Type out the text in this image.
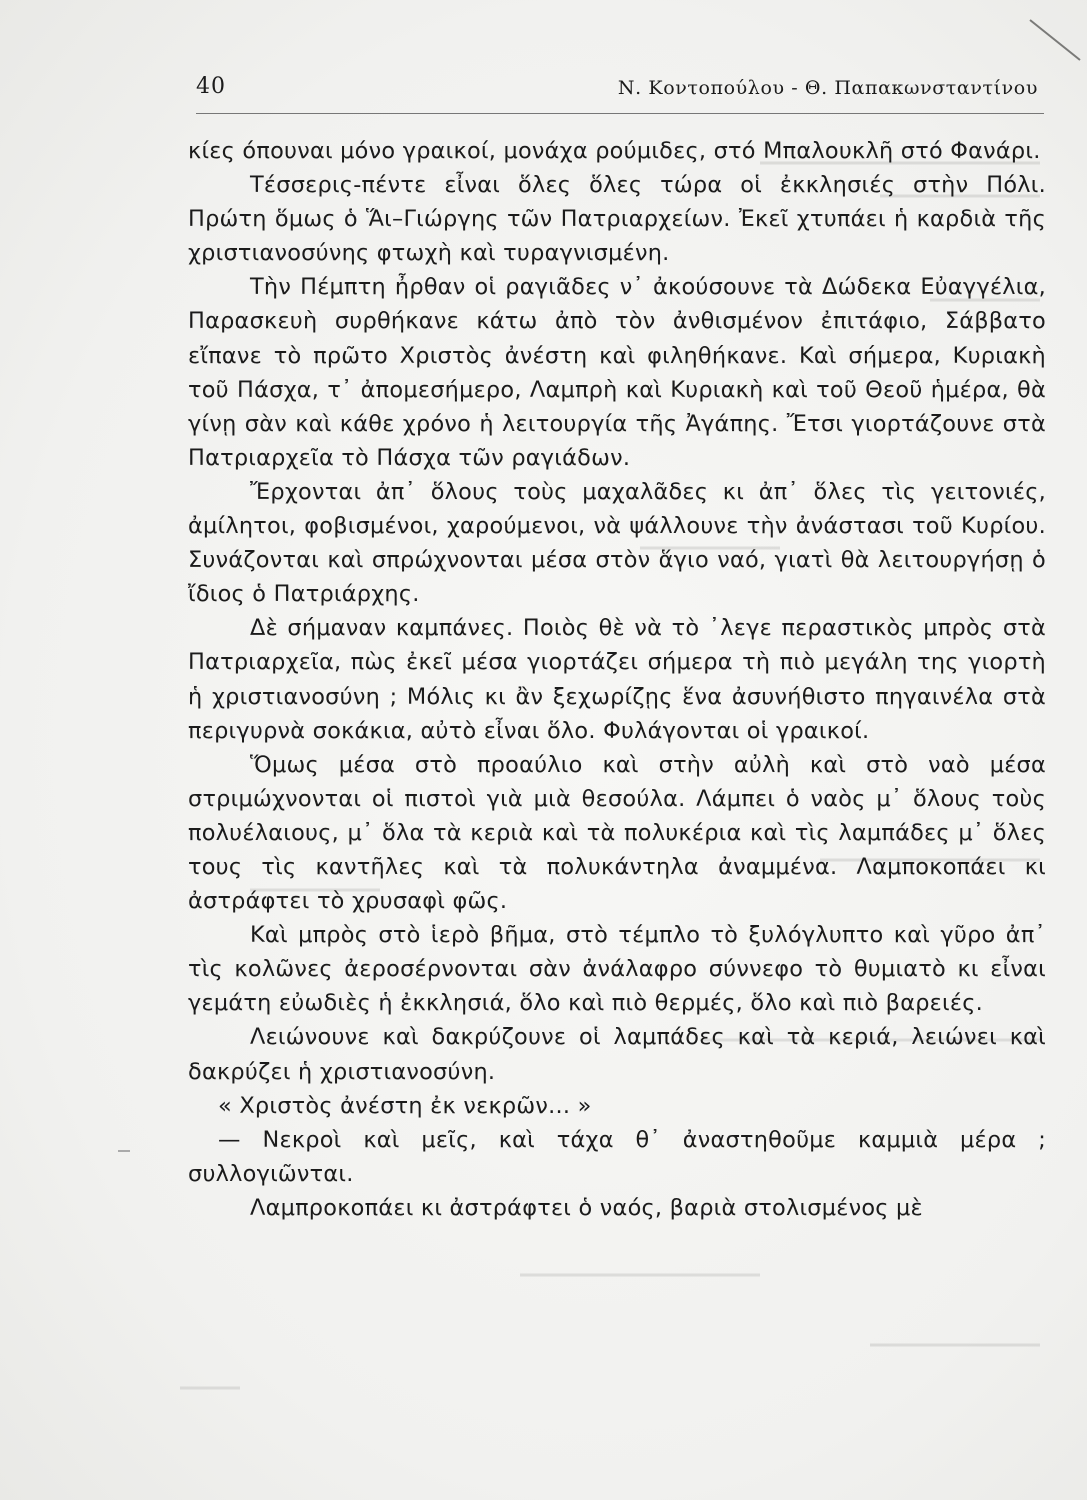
40	Ν. Κοντοπούλου - Θ. Παπακωνσταντίνου

κίες όπουναι μόνο γραικοί, μονάχα ρούμιδες, στό Μπαλουκλῆ στό Φανάρι.

Τέσσερις-πέντε εἶναι ὅλες ὅλες τώρα οἱ ἐκκλησιές στὴν Πόλι. Πρώτη ὅμως ὁ Ἅι–Γιώργης τῶν Πατριαρχείων. Ἐκεῖ χτυπάει ἡ καρδιὰ τῆς χριστιανοσύνης φτωχὴ καὶ τυραγνισμένη.

Τὴν Πέμπτη ἦρθαν οἱ ραγιᾶδες ν᾽ ἀκούσουνε τὰ Δώδεκα Εὐαγγέλια, Παρασκευὴ συρθήκανε κάτω ἀπὸ τὸν ἀνθισμένον ἐπιτάφιο, Σάββατο εἴπανε τὸ πρῶτο Χριστὸς ἀνέστη καὶ φιληθήκανε. Καὶ σήμερα, Κυριακὴ τοῦ Πάσχα, τ᾽ ἀπομεσήμερο, Λαμπρὴ καὶ Κυριακὴ καὶ τοῦ Θεοῦ ἡμέρα, θὰ γίνῃ σὰν καὶ κάθε χρόνο ἡ λειτουργία τῆς Ἀγάπης. Ἔτσι γιορτάζουνε στὰ Πατριαρχεῖα τὸ Πάσχα τῶν ραγιάδων.

Ἔρχονται ἀπ᾽ ὅλους τοὺς μαχαλᾶδες κι ἀπ᾽ ὅλες τὶς γειτονιές, ἀμίλητοι, φοβισμένοι, χαρούμενοι, νὰ ψάλλουνε τὴν ἀνάστασι τοῦ Κυρίου. Συνάζονται καὶ σπρώχνονται μέσα στὸν ἅγιο ναό, γιατὶ θὰ λειτουργήσῃ ὁ ἴδιος ὁ Πατριάρχης.

Δὲ σήμαναν καμπάνες. Ποιὸς θὲ νὰ τὸ ᾽λεγε περαστικὸς μπρὸς στὰ Πατριαρχεῖα, πὼς ἐκεῖ μέσα γιορτάζει σήμερα τὴ πιὸ μεγάλη της γιορτὴ ἡ χριστιανοσύνη ; Μόλις κι ἂν ξεχωρίζῃς ἕνα ἀσυνήθιστο πηγαινέλα στὰ περιγυρνὰ σοκάκια, αὐτὸ εἶναι ὅλο. Φυλάγονται οἱ γραικοί.

Ὅμως μέσα στὸ προαύλιο καὶ στὴν αὐλὴ καὶ στὸ ναὸ μέσα στριμώχνονται οἱ πιστοὶ γιὰ μιὰ θεσούλα. Λάμπει ὁ ναὸς μ᾽ ὅλους τοὺς πολυέλαιους, μ᾽ ὅλα τὰ κεριὰ καὶ τὰ πολυκέρια καὶ τὶς λαμπάδες μ᾽ ὅλες τους τὶς καντῆλες καὶ τὰ πολυκάντηλα ἀναμμένα. Λαμποκοπάει κι ἀστράφτει τὸ χρυσαφὶ φῶς.

Καὶ μπρὸς στὸ ἱερὸ βῆμα, στὸ τέμπλο τὸ ξυλόγλυπτο καὶ γῦρο ἀπ᾽ τὶς κολῶνες ἀεροσέρνονται σὰν ἀνάλαφρο σύννεφο τὸ θυμιατὸ κι εἶναι γεμάτη εὐωδιὲς ἡ ἐκκλησιά, ὅλο καὶ πιὸ θερμές, ὅλο καὶ πιὸ βαρειές.

Λειώνουνε καὶ δακρύζουνε οἱ λαμπάδες καὶ τὰ κεριά, λειώνει καὶ δακρύζει ἡ χριστιανοσύνη.

« Χριστὸς ἀνέστη ἐκ νεκρῶν... »

— Νεκροὶ καὶ μεῖς, καὶ τάχα θ᾽ ἀναστηθοῦμε καμμιὰ μέρα ; συλλογιῶνται.

Λαμπροκοπάει κι ἀστράφτει ὁ ναός, βαριὰ στολισμένος μὲ
